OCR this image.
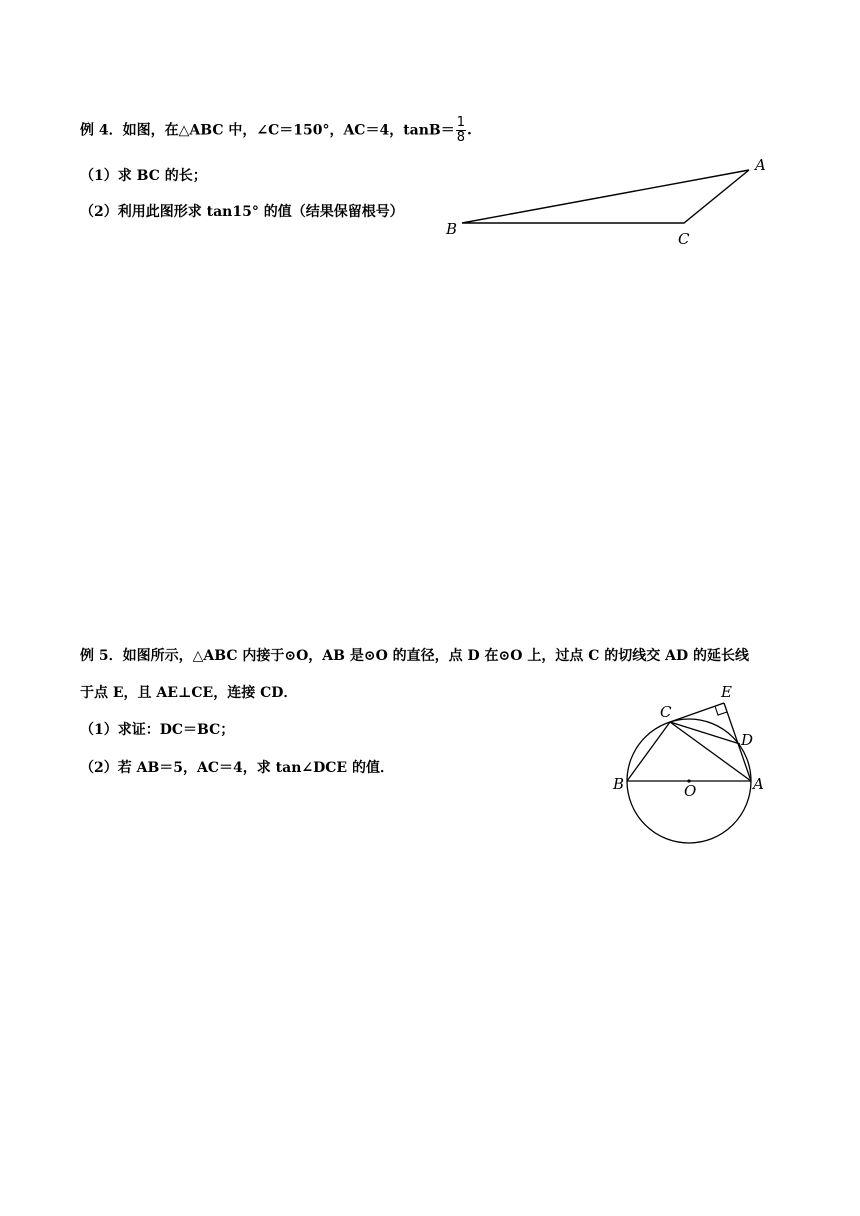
例 4．如图，在△ABC 中，∠C＝150°，AC＝4，$\tan B= \frac{1}{8}$ .
（1）求 BC 的长；
（2）利用此图形求 tan15° 的值（结果保留根号）
A
B
C
例 5．如图所示，△ABC 内接于⊙O，AB 是⊙O 的直径，点 D 在⊙O 上，过点 C 的切线交 AD 的延长线
于点 E，且 AE⊥CE，连接 CD．
（1）求证：DC＝BC；
（2）若 AB＝5，AC＝4，求 tan∠DCE 的值．
E
C
D
B	O	A
